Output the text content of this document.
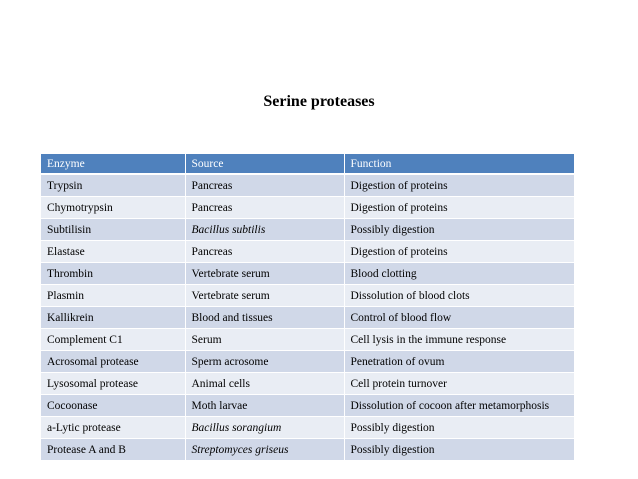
Serine proteases
Enzyme	Source	Function
Trypsin	Pancreas	Digestion of proteins
Chymotrypsin	Pancreas	Digestion of proteins
Subtilisin	Bacillus subtilis	Possibly digestion
Elastase	Pancreas	Digestion of proteins
Thrombin	Vertebrate serum	Blood clotting
Plasmin	Vertebrate serum	Dissolution of blood clots
Kallikrein	Blood and tissues	Control of blood flow
Complement C1	Serum	Cell lysis in the immune response
Acrosomal protease	Sperm acrosome	Penetration of ovum
Lysosomal protease	Animal cells	Cell protein turnover
Cocoonase	Moth larvae	Dissolution of cocoon after metamorphosis
a-Lytic protease	Bacillus sorangium	Possibly digestion
Protease A and B	Streptomyces griseus	Possibly digestion
